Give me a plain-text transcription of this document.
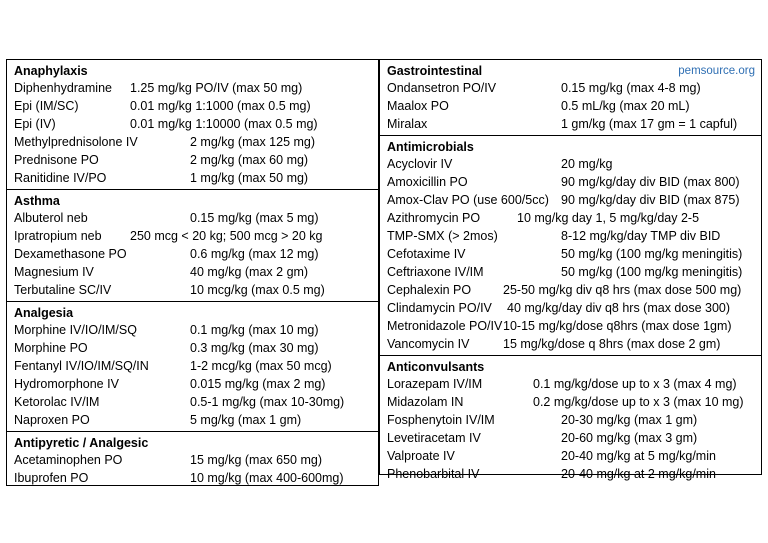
Anaphylaxis
Diphenhydramine 1.25 mg/kg PO/IV (max 50 mg)
Epi (IM/SC)	0.01 mg/kg 1:1000 (max 0.5 mg)
Epi (IV)	0.01 mg/kg 1:10000 (max 0.5 mg)
Methylprednisolone IV	2 mg/kg (max 125 mg)
Prednisone PO	2 mg/kg (max 60 mg)
Ranitidine IV/PO	1 mg/kg (max 50 mg)
Asthma
Albuterol neb	0.15 mg/kg (max 5 mg)
Ipratropium neb 250 mcg < 20 kg; 500 mcg > 20 kg
Dexamethasone PO	0.6 mg/kg (max 12 mg)
Magnesium IV	40 mg/kg (max 2 gm)
Terbutaline SC/IV	10 mcg/kg (max 0.5 mg)
Analgesia
Morphine IV/IO/IM/SQ	0.1 mg/kg (max 10 mg)
Morphine PO	0.3 mg/kg (max 30 mg)
Fentanyl IV/IO/IM/SQ/IN	1-2 mcg/kg (max 50 mcg)
Hydromorphone IV	0.015 mg/kg (max 2 mg)
Ketorolac IV/IM	0.5-1 mg/kg (max 10-30mg)
Naproxen PO	5 mg/kg (max 1 gm)
Antipyretic / Analgesic
Acetaminophen PO	15 mg/kg (max 650 mg)
Ibuprofen PO	10 mg/kg (max 400-600mg)
pemsource.org
Gastrointestinal
Ondansetron PO/IV	0.15 mg/kg (max 4-8 mg)
Maalox PO	0.5 mL/kg (max 20 mL)
Miralax	1 gm/kg (max 17 gm = 1 capful)
Antimicrobials
Acyclovir IV	20 mg/kg
Amoxicillin PO	90 mg/kg/day div BID (max 800)
Amox-Clav PO (use 600/5cc) 90 mg/kg/day div BID (max 875)
Azithromycin PO	10 mg/kg day 1, 5 mg/kg/day 2-5
TMP-SMX (> 2mos)	8-12 mg/kg/day TMP div BID
Cefotaxime IV	50 mg/kg (100 mg/kg meningitis)
Ceftriaxone IV/IM	50 mg/kg (100 mg/kg meningitis)
Cephalexin PO	25-50 mg/kg div q8 hrs (max dose 500 mg)
Clindamycin PO/IV 40 mg/kg/day div q8 hrs (max dose 300)
Metronidazole PO/IV 10-15 mg/kg/dose q8hrs (max dose 1gm)
Vancomycin IV	15 mg/kg/dose q 8hrs (max dose 2 gm)
Anticonvulsants
Lorazepam IV/IM	0.1 mg/kg/dose up to x 3 (max 4 mg)
Midazolam IN	0.2 mg/kg/dose up to x 3 (max 10 mg)
Fosphenytoin IV/IM	20-30 mg/kg (max 1 gm)
Levetiracetam IV	20-60 mg/kg (max 3 gm)
Valproate IV	20-40 mg/kg at 5 mg/kg/min
Phenobarbital IV	20-40 mg/kg at 2 mg/kg/min
